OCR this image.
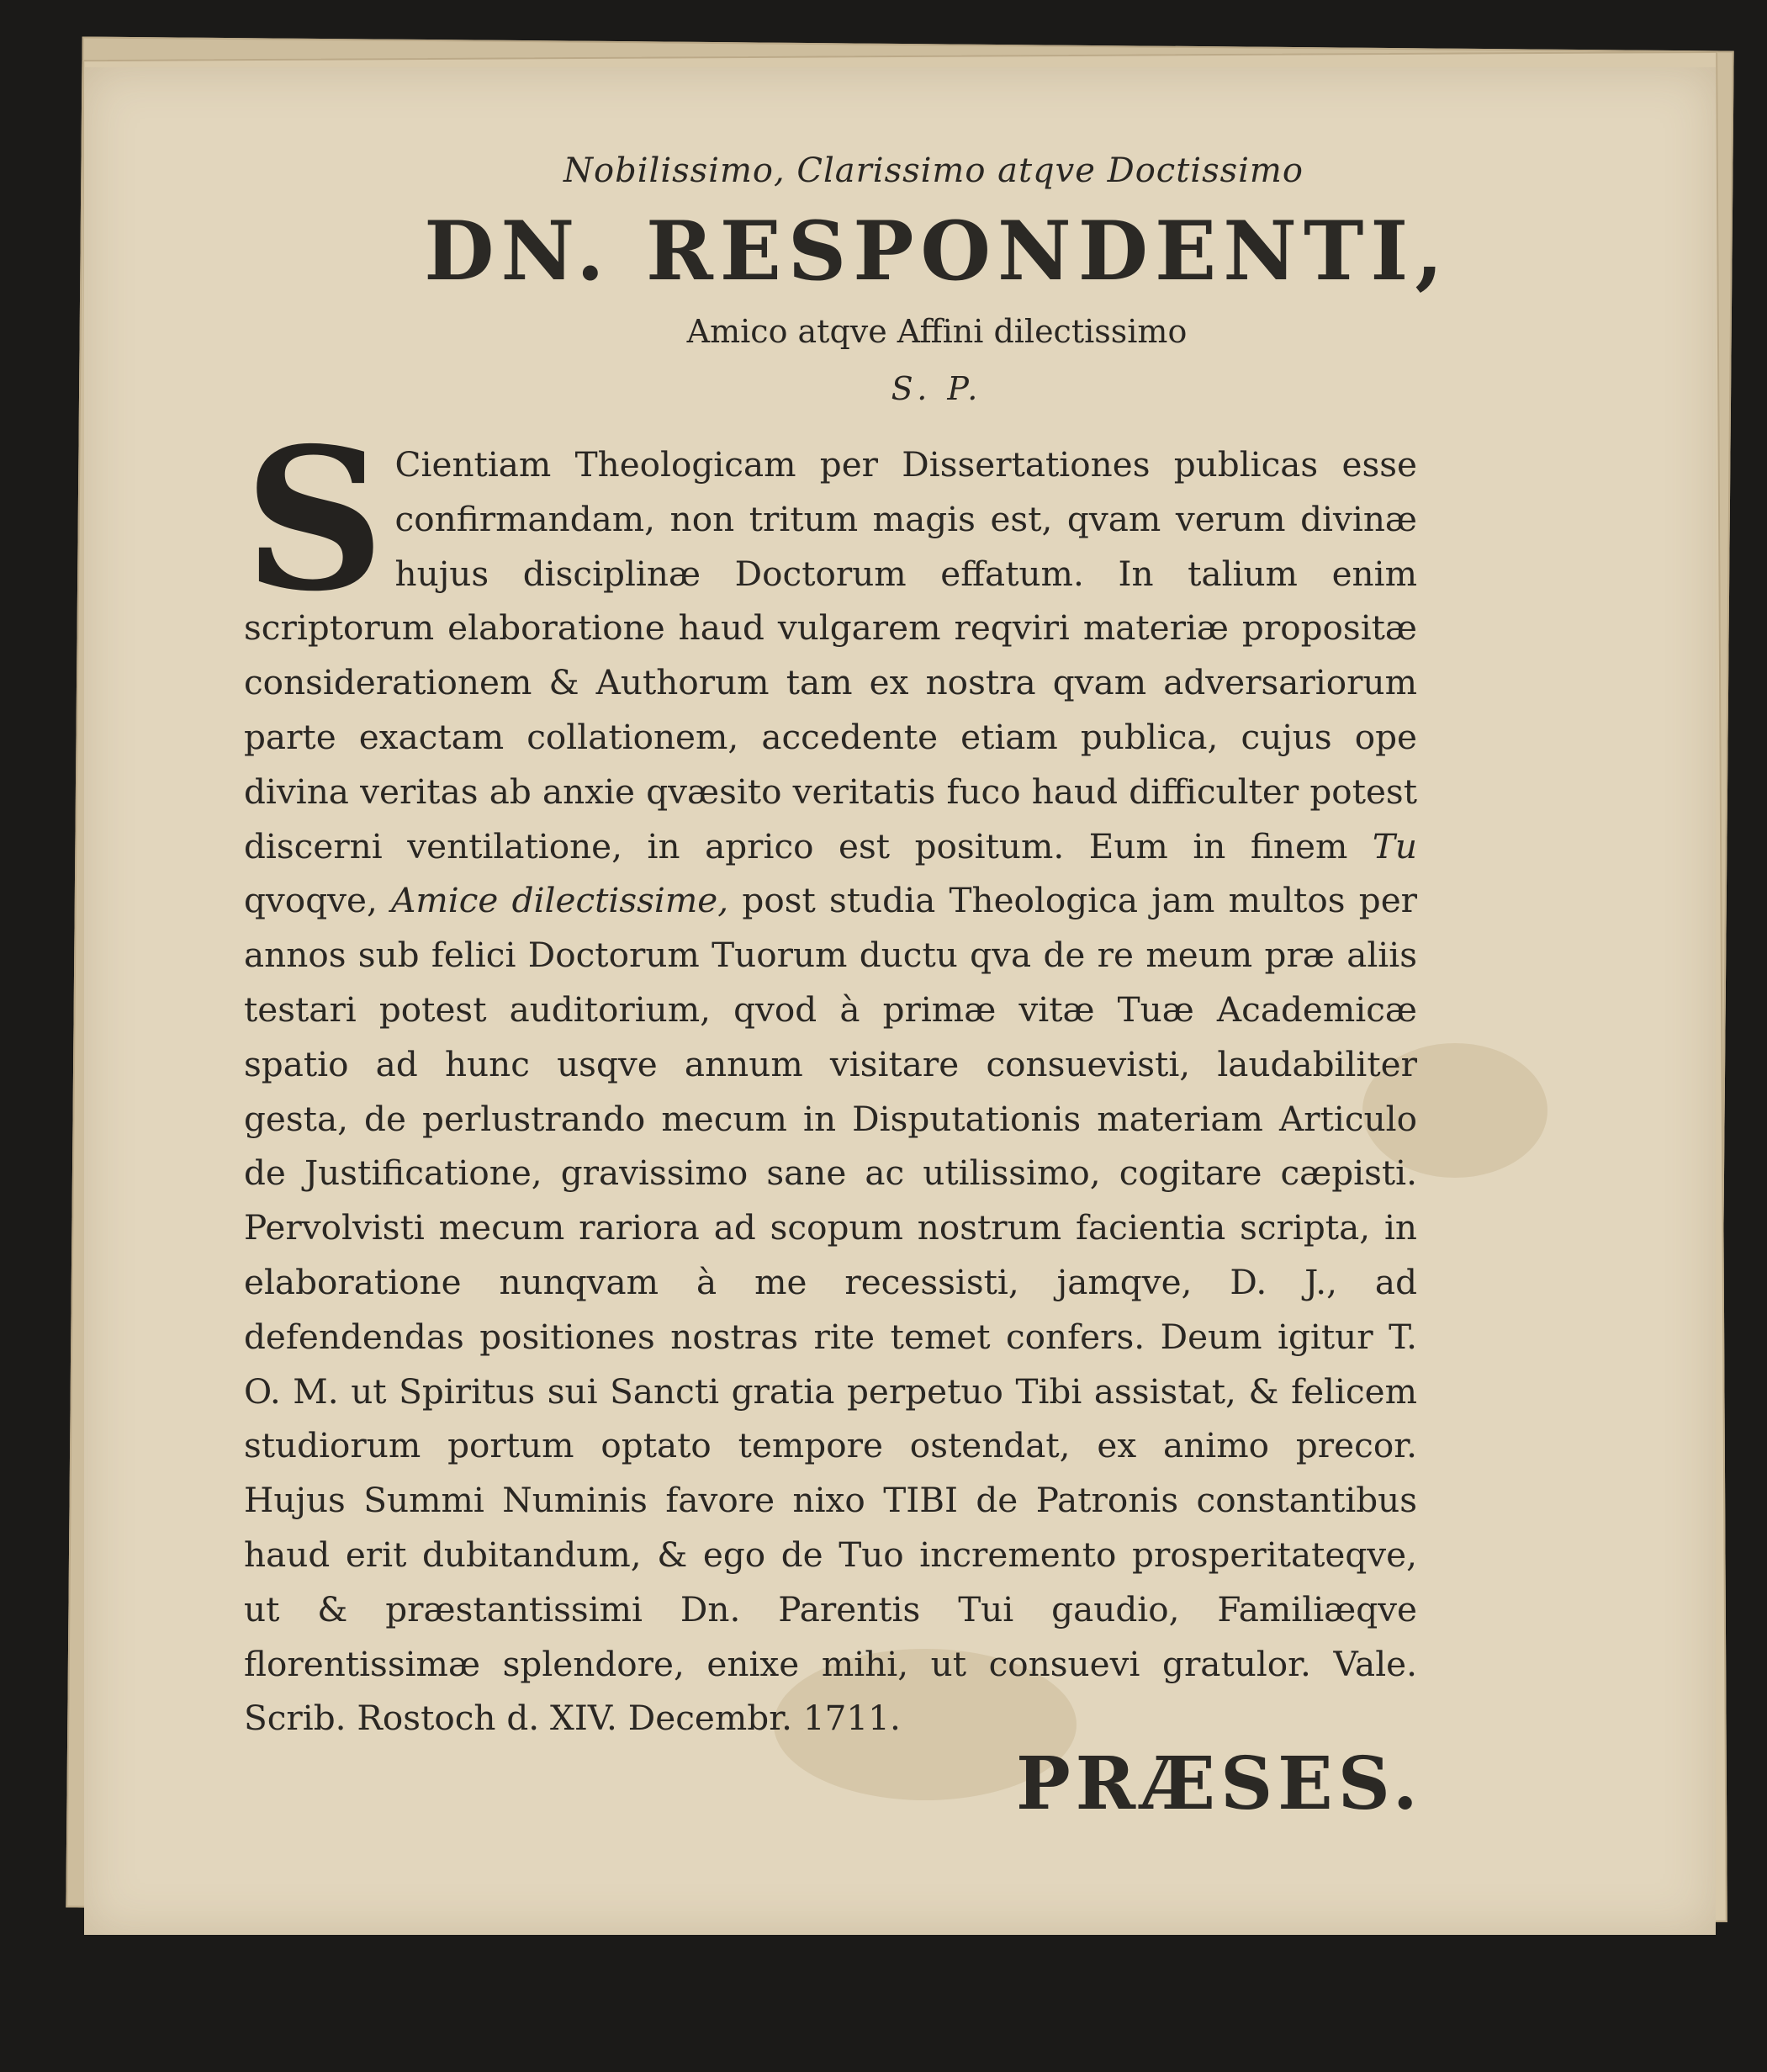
Nobilissimo, Clarissimo atqve Doctissimo
DN. RESPONDENTI,
Amico atqve Affini dilectissimo
S. P.
S Cientiam Theologicam per Dissertationes publicas esse confirmandam, non tritum magis est, qvam verum divinæ hujus disciplinæ Doctorum effatum. In talium enim scriptorum elaboratione haud vulgarem reqviri materiæ propositæ considerationem & Authorum tam ex nostra qvam adversariorum parte exactam collationem, accedente etiam publica, cujus ope divina veritas ab anxie qvæsito veritatis fuco haud difficulter potest discerni ventilatione, in aprico est positum. Eum in finem Tu qvoqve, Amice dilectissime, post studia Theologica jam multos per annos sub felici Doctorum Tuorum ductu qva de re meum præ aliis testari potest auditorium, qvod à primæ vitæ Tuæ Academicæ spatio ad hunc usqve annum visitare consuevisti, laudabiliter gesta, de perlustrando mecum in Disputationis materiam Articulo de Justificatione, gravissimo sane ac utilissimo, cogitare cæpisti. Pervolvisti mecum rariora ad scopum nostrum facientia scripta, in elaboratione nunqvam à me recessisti, jamqve, D. J., ad defendendas positiones nostras rite temet confers. Deum igitur T. O. M. ut Spiritus sui Sancti gratia perpetuo Tibi assistat, & felicem studiorum portum optato tempore ostendat, ex animo precor. Hujus Summi Numinis favore nixo TIBI de Patronis constantibus haud erit dubitandum, & ego de Tuo incremento prosperitateqve, ut & præstantissimi Dn. Parentis Tui gaudio, Familiæqve florentissimæ splendore, enixe mihi, ut consuevi gratulor. Vale. Scrib. Rostoch d. XIV. Decembr. 1711.
PRÆSES.
